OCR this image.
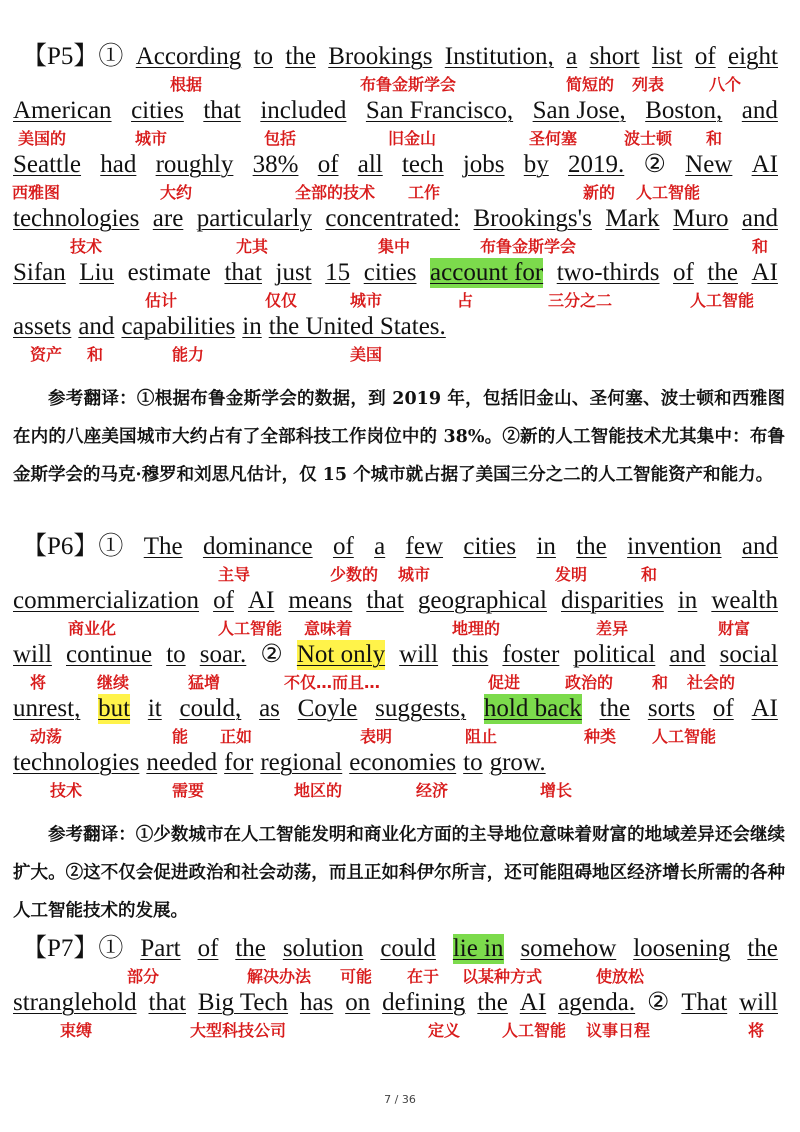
【P5】① According to the Brookings Institution, a short list of eight
根据	布鲁金斯学会	简短的 列表	八个
American cities that included San Francisco, San Jose, Boston, and
美国的	城市	包括	旧金山	圣何塞	波士顿 和
Seattle had roughly 38% of all tech jobs by 2019. ② New AI
西雅图	大约	全部的技术 工作	新的 人工智能
technologies are particularly concentrated: Brookings's Mark Muro and
技术	尤其	集中	布鲁金斯学会	和
Sifan Liu estimate that just 15 cities account for two-thirds of the AI
估计	仅仅	城市	占	三分之二	人工智能
assets and capabilities in the United States.
资产 和	能力	美国
参考翻译：①根据布鲁金斯学会的数据，到 2019 年，包括旧金山、圣何塞、波士顿和西雅图在内的八座美国城市大约占有了全部科技工作岗位中的 38%。②新的人工智能技术尤其集中：布鲁金斯学会的马克·穆罗和刘思凡估计，仅 15 个城市就占据了美国三分之二的人工智能资产和能力。
【P6】① The dominance of a few cities in the invention and
主导	少数的 城市	发明	和
commercialization of AI means that geographical disparities in wealth
商业化	人工智能 意味着	地理的	差异	财富
will continue to soar. ② Not only will this foster political and social
将	继续	猛增	不仅…而且…	促进	政治的 和 社会的
unrest, but it could, as Coyle suggests, hold back the sorts of AI
动荡	能 正如	表明	阻止	种类 人工智能
technologies needed for regional economies to grow.
技术	需要	地区的	经济	增长
参考翻译：①少数城市在人工智能发明和商业化方面的主导地位意味着财富的地域差异还会继续扩大。②这不仅会促进政治和社会动荡，而且正如科伊尔所言，还可能阻碍地区经济增长所需的各种人工智能技术的发展。
【P7】① Part of the solution could lie in somehow loosening the
部分	解决办法 可能 在于 以某种方式	使放松
stranglehold that Big Tech has on defining the AI agenda. ② That will
束缚	大型科技公司	定义	人工智能 议事日程	将
7 / 36
